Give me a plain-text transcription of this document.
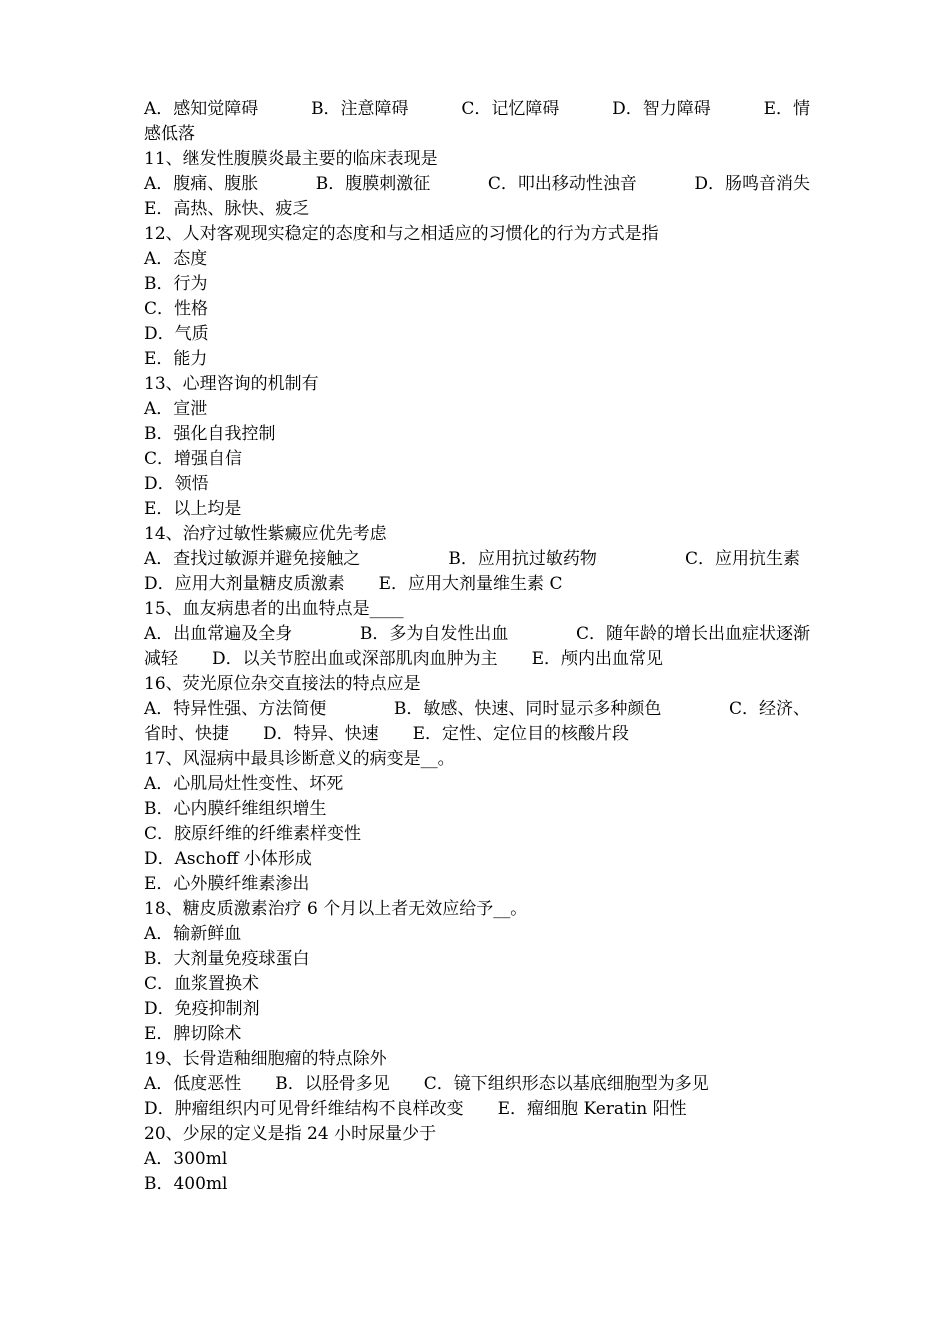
A．感知觉障碍	B．注意障碍	C．记忆障碍	D．智力障碍	E．情
感低落
11、继发性腹膜炎最主要的临床表现是
A．腹痛、腹胀	B．腹膜刺激征	C．叩出移动性浊音	D．肠鸣音消失
E．高热、脉快、疲乏
12、人对客观现实稳定的态度和与之相适应的习惯化的行为方式是指
A．态度
B．行为
C．性格
D．气质
E．能力
13、心理咨询的机制有
A．宣泄
B．强化自我控制
C．增强自信
D．领悟
E．以上均是
14、治疗过敏性紫癜应优先考虑
A．查找过敏源并避免接触之	B．应用抗过敏药物	C．应用抗生素
D．应用大剂量糖皮质激素 E．应用大剂量维生素 C
15、血友病患者的出血特点是____
A．出血常遍及全身	B．多为自发性出血	C．随年龄的增长出血症状逐渐
减轻 D．以关节腔出血或深部肌肉血肿为主 E．颅内出血常见
16、荧光原位杂交直接法的特点应是
A．特异性强、方法简便	B．敏感、快速、同时显示多种颜色	C．经济、
省时、快捷 D．特异、快速 E．定性、定位目的核酸片段
17、风湿病中最具诊断意义的病变是__。
A．心肌局灶性变性、坏死
B．心内膜纤维组织增生
C．胶原纤维的纤维素样变性
D．Aschoff 小体形成
E．心外膜纤维素渗出
18、糖皮质激素治疗 6 个月以上者无效应给予__。
A．输新鲜血
B．大剂量免疫球蛋白
C．血浆置换术
D．免疫抑制剂
E．脾切除术
19、长骨造釉细胞瘤的特点除外
A．低度恶性 B．以胫骨多见 C．镜下组织形态以基底细胞型为多见
D．肿瘤组织内可见骨纤维结构不良样改变 E．瘤细胞 Keratin 阳性
20、少尿的定义是指 24 小时尿量少于
A．300ml
B．400ml
